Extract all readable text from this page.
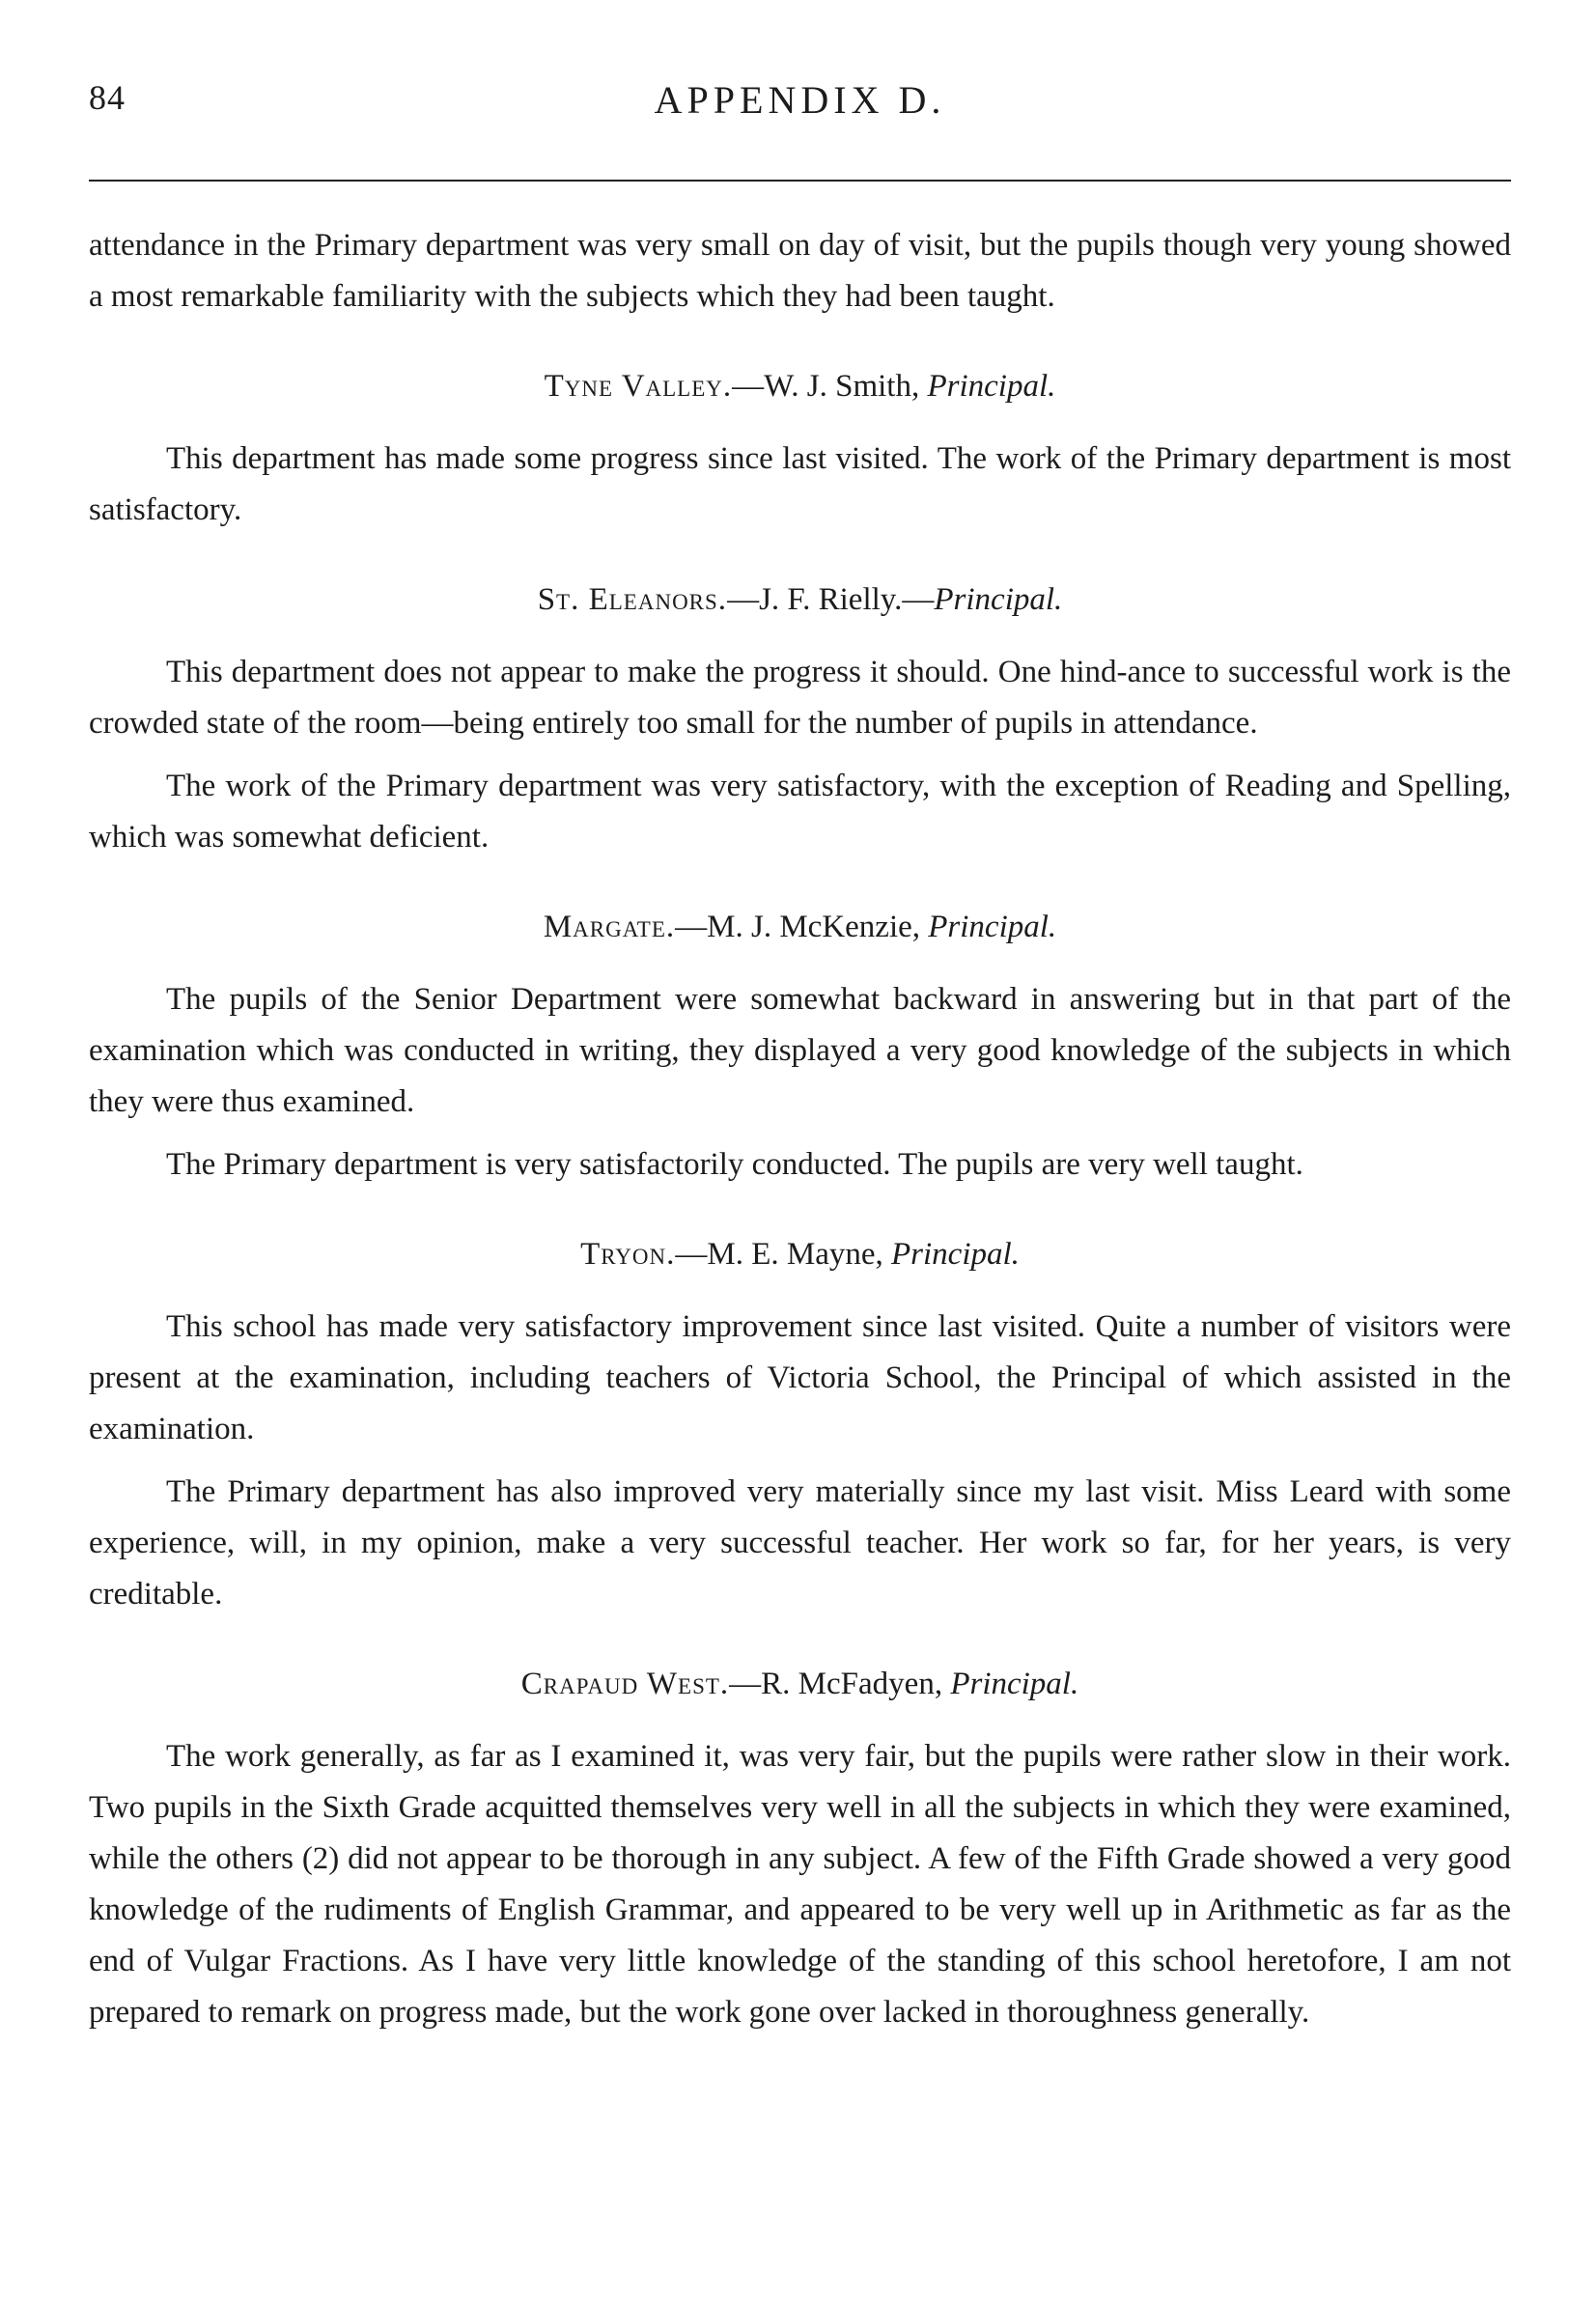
84	APPENDIX D.

attendance in the Primary department was very small on day of visit, but the pupils though very young showed a most remarkable familiarity with the subjects which they had been taught.

Tyne Valley.—W. J. Smith, Principal.

This department has made some progress since last visited. The work of the Primary department is most satisfactory.

St. Eleanors.—J. F. Rielly.—Principal.

This department does not appear to make the progress it should. One hind-ance to successful work is the crowded state of the room—being entirely too small for the number of pupils in attendance.

The work of the Primary department was very satisfactory, with the exception of Reading and Spelling, which was somewhat deficient.

Margate.—M. J. McKenzie, Principal.

The pupils of the Senior Department were somewhat backward in answering but in that part of the examination which was conducted in writing, they displayed a very good knowledge of the subjects in which they were thus examined.

The Primary department is very satisfactorily conducted. The pupils are very well taught.

Tryon.—M. E. Mayne, Principal.

This school has made very satisfactory improvement since last visited. Quite a number of visitors were present at the examination, including teachers of Victoria School, the Principal of which assisted in the examination.

The Primary department has also improved very materially since my last visit. Miss Leard with some experience, will, in my opinion, make a very successful teacher. Her work so far, for her years, is very creditable.

Crapaud West.—R. McFadyen, Principal.

The work generally, as far as I examined it, was very fair, but the pupils were rather slow in their work. Two pupils in the Sixth Grade acquitted themselves very well in all the subjects in which they were examined, while the others (2) did not appear to be thorough in any subject. A few of the Fifth Grade showed a very good knowledge of the rudiments of English Grammar, and appeared to be very well up in Arithmetic as far as the end of Vulgar Fractions. As I have very little knowledge of the standing of this school heretofore, I am not prepared to remark on progress made, but the work gone over lacked in thoroughness generally.
